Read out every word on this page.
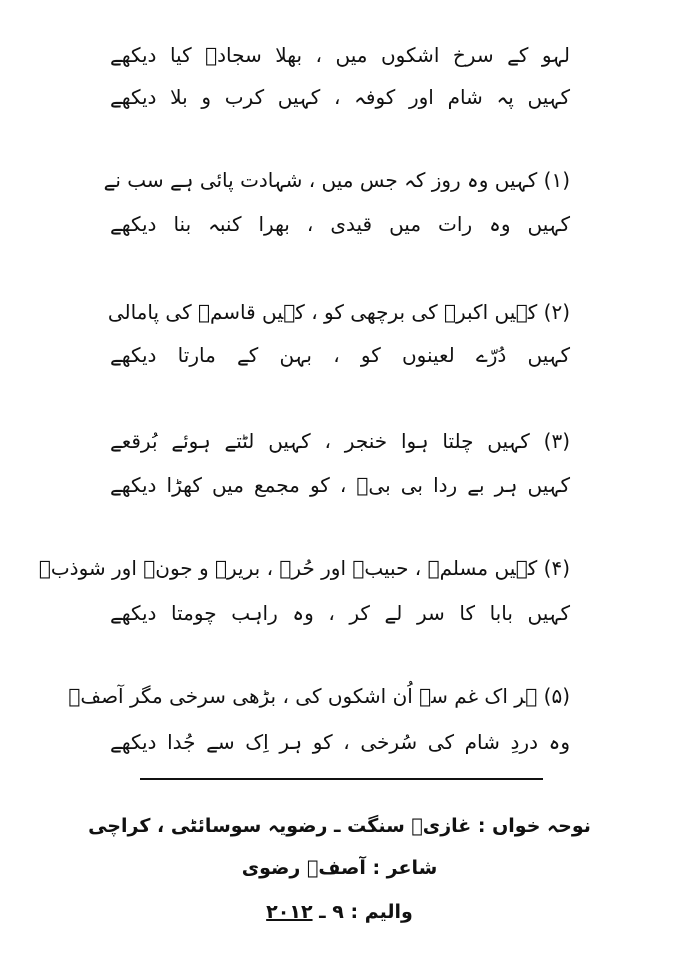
لہو کے سرخ اشکوں میں ، بھلا سجادؑ کیا دیکھے
کہیں پہ شام اور کوفہ ، کہیں کرب و بلا دیکھے
(۱) کہیں وہ روز کہ جس میں ، شہادت پائی ہے سب نے
کہیں وہ رات میں قیدی ، بھرا کنبہ بنا دیکھے
(۲) کہیں اکبرؑ کی برچھی کو ، کہیں قاسمؑ کی پامالی
کہیں دُرّے لعینوں کو ، بہن کے مارتا دیکھے
(۳) کہیں چلتا ہوا خنجر ، کہیں لٹتے ہوئے بُرقعے
کہیں ہر بے ردا بی بیؑ ، کو مجمع میں کھڑا دیکھے
(۴) کہیں مسلمؑ ، حبیبؑ اور حُرؑ ، بریرؑ و جونؑ اور شوذبؑ
کہیں بابا کا سر لے کر ، وہ راہب چومتا دیکھے
(۵) ہر اک غم سے اُن اشکوں کی ، بڑھی سرخی مگر آصفؔ
وہ دردِ شام کی سُرخی ، کو ہر اِک سے جُدا دیکھے
نوحہ خواں : غازیؑ سنگت ـ رضویہ سوسائٹی ، کراچی
شاعر : آصفؔ رضوی
والیم : ۹ ـ ۲۰۱۲
